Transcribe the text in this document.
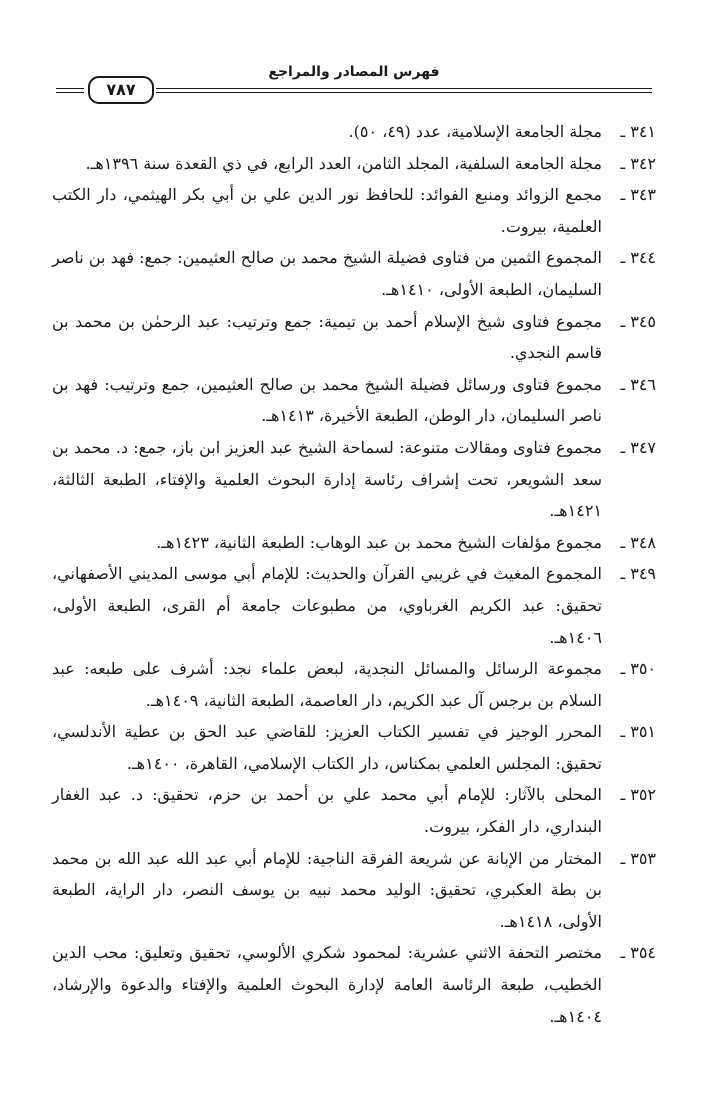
فهرس المصادر والمراجع
٧٨٧

٣٤١ ـ
مجلة الجامعة الإسلامية، عدد (٤٩، ٥٠).

٣٤٢ ـ
مجلة الجامعة السلفية، المجلد الثامن، العدد الرابع، في ذي القعدة سنة ١٣٩٦هـ.

٣٤٣ ـ
مجمع الزوائد ومنبع الفوائد: للحافظ نور الدين علي بن أبي بكر الهيثمي، دار الكتب العلمية، بيروت.

٣٤٤ ـ
المجموع الثمين من فتاوى فضيلة الشيخ محمد بن صالح العثيمين: جمع: فهد بن ناصر السليمان، الطبعة الأولى، ١٤١٠هـ.

٣٤٥ ـ
مجموع فتاوى شيخ الإسلام أحمد بن تيمية: جمع وترتيب: عبد الرحمٰن بن محمد بن قاسم النجدي.

٣٤٦ ـ
مجموع فتاوى ورسائل فضيلة الشيخ محمد بن صالح العثيمين، جمع وترتيب: فهد بن ناصر السليمان، دار الوطن، الطبعة الأخيرة، ١٤١٣هـ.

٣٤٧ ـ
مجموع فتاوى ومقالات متنوعة: لسماحة الشيخ عبد العزيز ابن باز، جمع: د. محمد بن سعد الشويعر، تحت إشراف رئاسة إدارة البحوث العلمية والإفتاء، الطبعة الثالثة، ١٤٢١هـ.

٣٤٨ ـ
مجموع مؤلفات الشيخ محمد بن عبد الوهاب: الطبعة الثانية، ١٤٢٣هـ.

٣٤٩ ـ
المجموع المغيث في غريبي القرآن والحديث: للإمام أبي موسى المديني الأصفهاني، تحقيق: عبد الكريم الغرباوي، من مطبوعات جامعة أم القرى، الطبعة الأولى، ١٤٠٦هـ.

٣٥٠ ـ
مجموعة الرسائل والمسائل النجدية، لبعض علماء نجد: أشرف على طبعه: عبد السلام بن برجس آل عبد الكريم، دار العاصمة، الطبعة الثانية، ١٤٠٩هـ.

٣٥١ ـ
المحرر الوجيز في تفسير الكتاب العزيز: للقاضي عبد الحق بن عطية الأندلسي، تحقيق: المجلس العلمي بمكناس، دار الكتاب الإسلامي، القاهرة، ١٤٠٠هـ.

٣٥٢ ـ
المحلى بالآثار: للإمام أبي محمد علي بن أحمد بن حزم، تحقيق: د. عبد الغفار البنداري، دار الفكر، بيروت.

٣٥٣ ـ
المختار من الإبانة عن شريعة الفرقة الناجية: للإمام أبي عبد الله عبد الله بن محمد بن بطة العكبري، تحقيق: الوليد محمد نبيه بن يوسف النصر، دار الراية، الطبعة الأولى، ١٤١٨هـ.

٣٥٤ ـ
مختصر التحفة الاثني عشرية: لمحمود شكري الألوسي، تحقيق وتعليق: محب الدين الخطيب، طبعة الرئاسة العامة لإدارة البحوث العلمية والإفتاء والدعوة والإرشاد، ١٤٠٤هـ.
